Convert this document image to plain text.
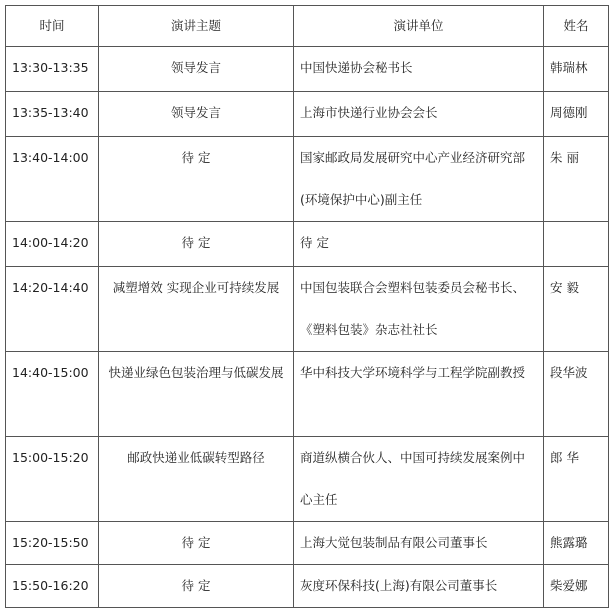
时间	演讲主题	演讲单位	姓名
13:30-13:35	领导发言	中国快递协会秘书长	韩瑞林
13:35-13:40	领导发言	上海市快递行业协会会长	周德刚
13:40-14:00	待 定	国家邮政局发展研究中心产业经济研究部(环境保护中心)副主任	朱 丽
14:00-14:20	待 定	待 定	
14:20-14:40	减塑增效 实现企业可持续发展	中国包装联合会塑料包装委员会秘书长、《塑料包装》杂志社社长	安 毅
14:40-15:00	快递业绿色包装治理与低碳发展	华中科技大学环境科学与工程学院副教授	段华波
15:00-15:20	邮政快递业低碳转型路径	商道纵横合伙人、中国可持续发展案例中心主任	郎 华
15:20-15:50	待 定	上海大觉包装制品有限公司董事长	熊露璐
15:50-16:20	待 定	灰度环保科技(上海)有限公司董事长	柴爱娜
